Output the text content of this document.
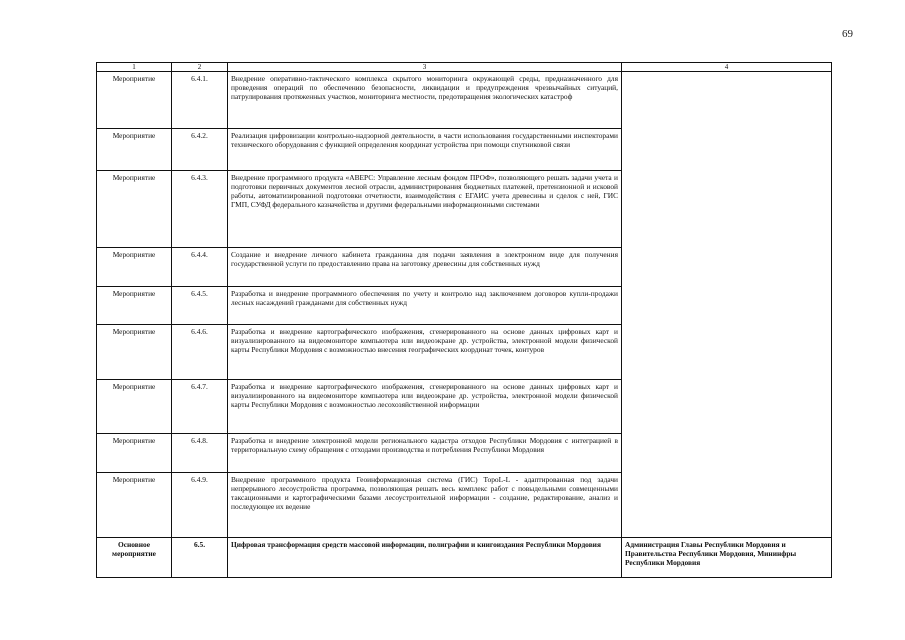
69
1	2	3	4
Мероприятие	6.4.1.	Внедрение оперативно-тактического комплекса скрытого мониторинга окружающей среды, предназначенного для проведения операций по обеспечению безопасности, ликвидации и предупреждения чрезвычайных ситуаций, патрулирования протяженных участков, мониторинга местности, предотвращения экологических катастроф	
Мероприятие	6.4.2.	Реализация цифровизации контрольно-надзорной деятельности, в части использования государственными инспекторами технического оборудования с функцией определения координат устройства при помощи спутниковой связи	
Мероприятие	6.4.3.	Внедрение программного продукта «АВЕРС: Управление лесным фондом ПРОФ», позволяющего решать задачи учета и подготовки первичных документов лесной отрасли, администрирования бюджетных платежей, претензионной и исковой работы, автоматизированной подготовки отчетности, взаимодействия с ЕГАИС учета древесины и сделок с ней, ГИС ГМП, СУФД федерального казначейства и другими федеральными информационными системами	
Мероприятие	6.4.4.	Создание и внедрение личного кабинета гражданина для подачи заявления в электронном виде для получения государственной услуги по предоставлению права на заготовку древесины для собственных нужд	
Мероприятие	6.4.5.	Разработка и внедрение программного обеспечения по учету и контролю над заключением договоров купли-продажи лесных насаждений гражданами для собственных нужд	
Мероприятие	6.4.6.	Разработка и внедрение картографического изображения, сгенерированного на основе данных цифровых карт и визуализированного на видеомониторе компьютера или видеоэкране др. устройства, электронной модели физической карты Республики Мордовия с возможностью внесения географических координат точек, контуров	
Мероприятие	6.4.7.	Разработка и внедрение картографического изображения, сгенерированного на основе данных цифровых карт и визуализированного на видеомониторе компьютера или видеоэкране др. устройства, электронной модели физической карты Республики Мордовия с возможностью лесохозяйственной информации	
Мероприятие	6.4.8.	Разработка и внедрение электронной модели регионального кадастра отходов Республики Мордовия с интеграцией в территориальную схему обращения с отходами производства и потребления Республики Мордовия	
Мероприятие	6.4.9.	Внедрение программного продукта Геоинформационная система (ГИС) TopoL-L - адаптированная под задачи непрерывного лесоустройства программа, позволяющая решать весь комплекс работ с повыдельными совмещенными таксационными и картографическими базами лесоустроительной информации - создание, редактирование, анализ и последующее их ведение	
Основное мероприятие	6.5.	Цифровая трансформация средств массовой информации, полиграфии и книгоиздания Республики Мордовия	Администрация Главы Республики Мордовия и Правительства Республики Мордовия, Мининфры Республики Мордовия
